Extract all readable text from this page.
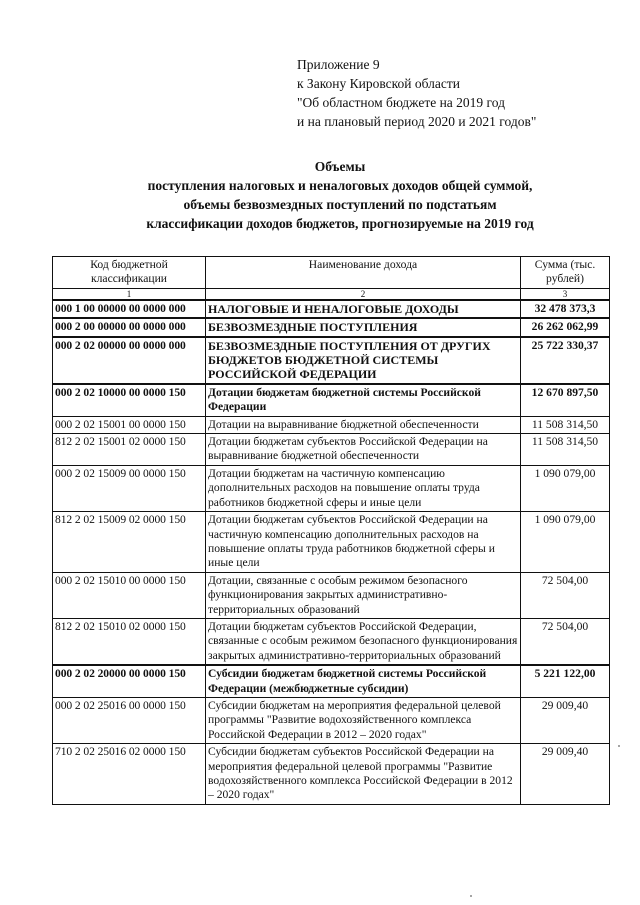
Приложение 9
к Закону Кировской области
"Об областном бюджете на 2019 год
и на плановый период 2020 и 2021 годов"
Объемы
поступления налоговых и неналоговых доходов общей суммой,
объемы безвозмездных поступлений по подстатьям
классификации доходов бюджетов, прогнозируемые на 2019 год
Код бюджетной классификации	Наименование дохода	Сумма (тыс. рублей)
1	2	3
000 1 00 00000 00 0000 000	НАЛОГОВЫЕ И НЕНАЛОГОВЫЕ ДОХОДЫ	32 478 373,3
000 2 00 00000 00 0000 000	БЕЗВОЗМЕЗДНЫЕ ПОСТУПЛЕНИЯ	26 262 062,99
000 2 02 00000 00 0000 000	БЕЗВОЗМЕЗДНЫЕ ПОСТУПЛЕНИЯ ОТ ДРУГИХ БЮДЖЕТОВ БЮДЖЕТНОЙ СИСТЕМЫ РОССИЙСКОЙ ФЕДЕРАЦИИ	25 722 330,37
000 2 02 10000 00 0000 150	Дотации бюджетам бюджетной системы Российской Федерации	12 670 897,50
000 2 02 15001 00 0000 150	Дотации на выравнивание бюджетной обеспеченности	11 508 314,50
812 2 02 15001 02 0000 150	Дотации бюджетам субъектов Российской Федерации на выравнивание бюджетной обеспеченности	11 508 314,50
000 2 02 15009 00 0000 150	Дотации бюджетам на частичную компенсацию дополнительных расходов на повышение оплаты труда работников бюджетной сферы и иные цели	1 090 079,00
812 2 02 15009 02 0000 150	Дотации бюджетам субъектов Российской Федерации на частичную компенсацию дополнительных расходов на повышение оплаты труда работников бюджетной сферы и иные цели	1 090 079,00
000 2 02 15010 00 0000 150	Дотации, связанные с особым режимом безопасного функционирования закрытых административно-территориальных образований	72 504,00
812 2 02 15010 02 0000 150	Дотации бюджетам субъектов Российской Федерации, связанные с особым режимом безопасного функционирования закрытых административно-территориальных образований	72 504,00
000 2 02 20000 00 0000 150	Субсидии бюджетам бюджетной системы Российской Федерации (межбюджетные субсидии)	5 221 122,00
000 2 02 25016 00 0000 150	Субсидии бюджетам на мероприятия федеральной целевой программы "Развитие водохозяйственного комплекса Российской Федерации в 2012 – 2020 годах"	29 009,40
710 2 02 25016 02 0000 150	Субсидии бюджетам субъектов Российской Федерации на мероприятия федеральной целевой программы "Развитие водохозяйственного комплекса Российской Федерации в 2012 – 2020 годах"	29 009,40
